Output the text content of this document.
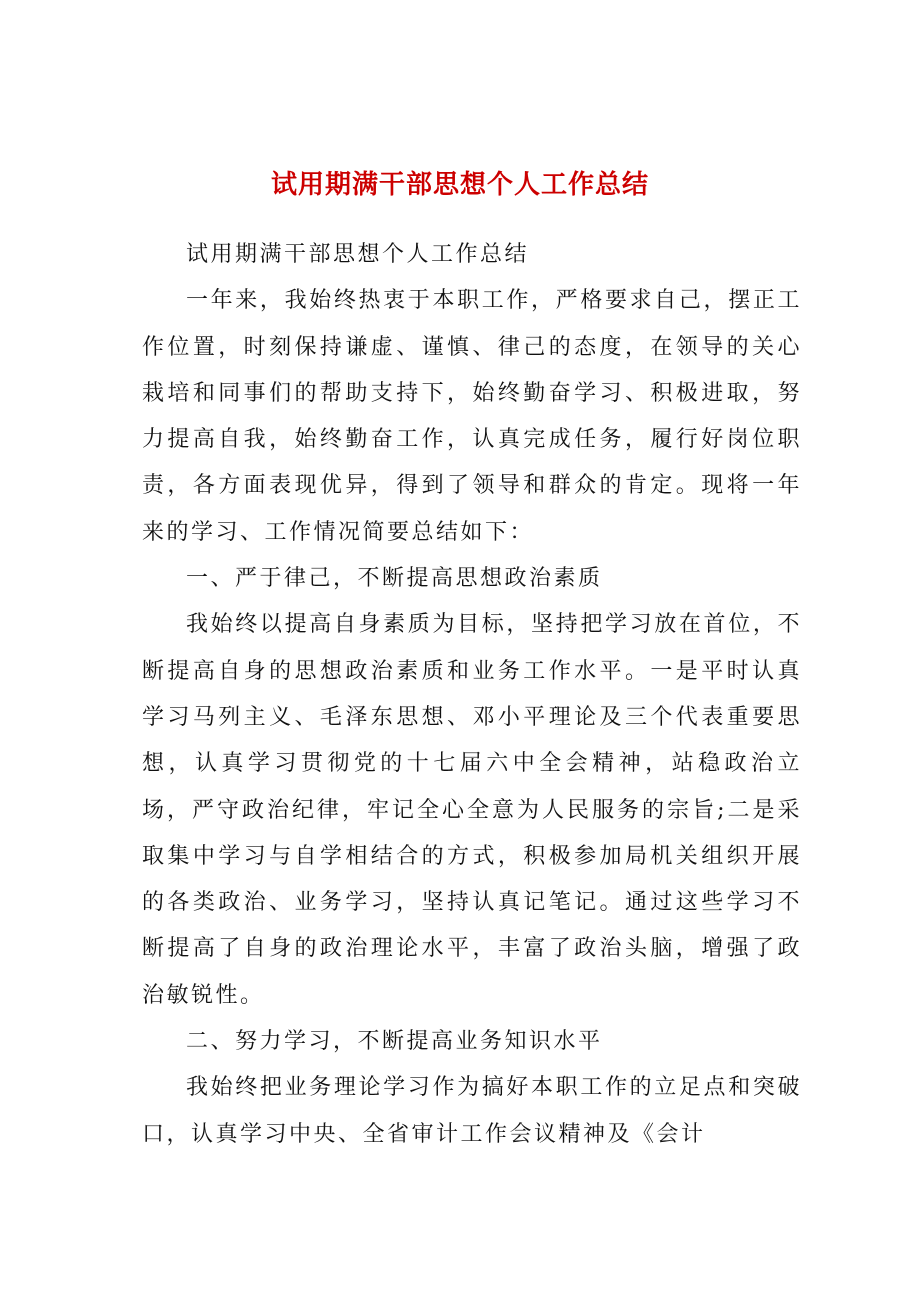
试用期满干部思想个人工作总结

试用期满干部思想个人工作总结

一年来，我始终热衷于本职工作，严格要求自己，摆正工作位置，时刻保持谦虚、谨慎、律己的态度，在领导的关心栽培和同事们的帮助支持下，始终勤奋学习、积极进取，努力提高自我，始终勤奋工作，认真完成任务，履行好岗位职责，各方面表现优异，得到了领导和群众的肯定。现将一年来的学习、工作情况简要总结如下：

一、严于律己，不断提高思想政治素质

我始终以提高自身素质为目标，坚持把学习放在首位，不断提高自身的思想政治素质和业务工作水平。一是平时认真学习马列主义、毛泽东思想、邓小平理论及三个代表重要思想，认真学习贯彻党的十七届六中全会精神，站稳政治立场，严守政治纪律，牢记全心全意为人民服务的宗旨;二是采取集中学习与自学相结合的方式，积极参加局机关组织开展的各类政治、业务学习，坚持认真记笔记。通过这些学习不断提高了自身的政治理论水平，丰富了政治头脑，增强了政治敏锐性。

二、努力学习，不断提高业务知识水平

我始终把业务理论学习作为搞好本职工作的立足点和突破口，认真学习中央、全省审计工作会议精神及《会计
